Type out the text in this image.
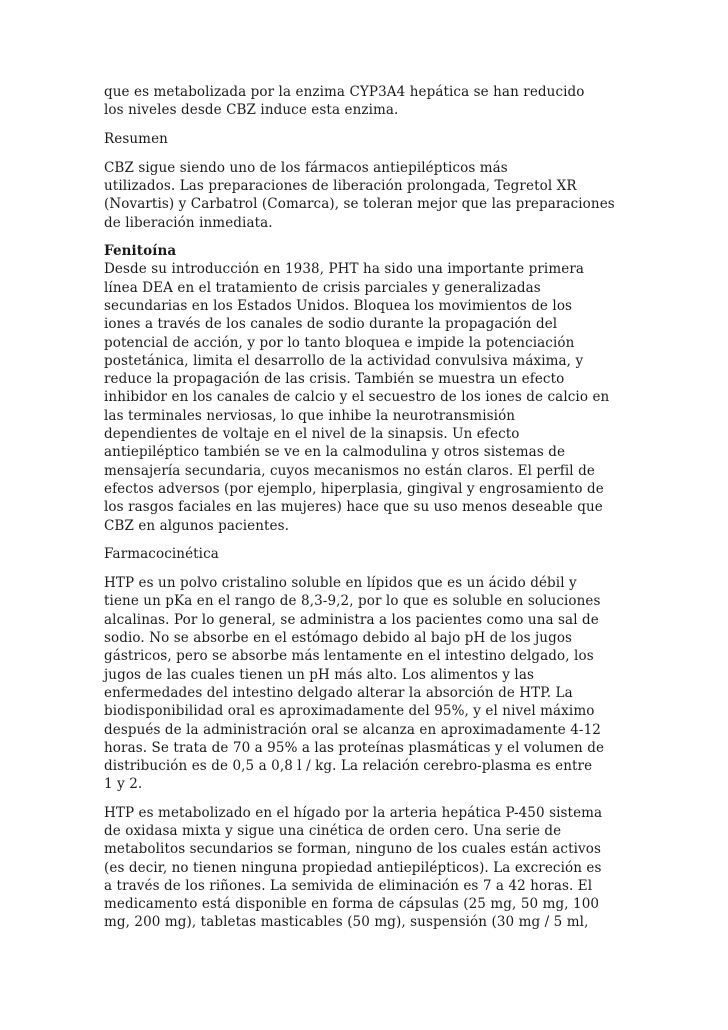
que es metabolizada por la enzima CYP3A4 hepática se han reducido
los niveles desde CBZ induce esta enzima.
Resumen
CBZ sigue siendo uno de los fármacos antiepilépticos más
utilizados. Las preparaciones de liberación prolongada, Tegretol XR
(Novartis) y Carbatrol (Comarca), se toleran mejor que las preparaciones
de liberación inmediata.
Fenitoína
Desde su introducción en 1938, PHT ha sido una importante primera
línea DEA en el tratamiento de crisis parciales y generalizadas
secundarias en los Estados Unidos. Bloquea los movimientos de los
iones a través de los canales de sodio durante la propagación del
potencial de acción, y por lo tanto bloquea e impide la potenciación
postetánica, limita el desarrollo de la actividad convulsiva máxima, y
reduce la propagación de las crisis. También se muestra un efecto
inhibidor en los canales de calcio y el secuestro de los iones de calcio en
las terminales nerviosas, lo que inhibe la neurotransmisión
dependientes de voltaje en el nivel de la sinapsis. Un efecto
antiepiléptico también se ve en la calmodulina y otros sistemas de
mensajería secundaria, cuyos mecanismos no están claros. El perfil de
efectos adversos (por ejemplo, hiperplasia, gingival y engrosamiento de
los rasgos faciales en las mujeres) hace que su uso menos deseable que
CBZ en algunos pacientes.
Farmacocinética
HTP es un polvo cristalino soluble en lípidos que es un ácido débil y
tiene un pKa en el rango de 8,3-9,2, por lo que es soluble en soluciones
alcalinas. Por lo general, se administra a los pacientes como una sal de
sodio. No se absorbe en el estómago debido al bajo pH de los jugos
gástricos, pero se absorbe más lentamente en el intestino delgado, los
jugos de las cuales tienen un pH más alto. Los alimentos y las
enfermedades del intestino delgado alterar la absorción de HTP. La
biodisponibilidad oral es aproximadamente del 95%, y el nivel máximo
después de la administración oral se alcanza en aproximadamente 4-12
horas. Se trata de 70 a 95% a las proteínas plasmáticas y el volumen de
distribución es de 0,5 a 0,8 l / kg. La relación cerebro-plasma es entre
1 y 2.
HTP es metabolizado en el hígado por la arteria hepática P-450 sistema
de oxidasa mixta y sigue una cinética de orden cero. Una serie de
metabolitos secundarios se forman, ninguno de los cuales están activos
(es decir, no tienen ninguna propiedad antiepilépticos). La excreción es
a través de los riñones. La semivida de eliminación es 7 a 42 horas. El
medicamento está disponible en forma de cápsulas (25 mg, 50 mg, 100
mg, 200 mg), tabletas masticables (50 mg), suspensión (30 mg / 5 ml,
